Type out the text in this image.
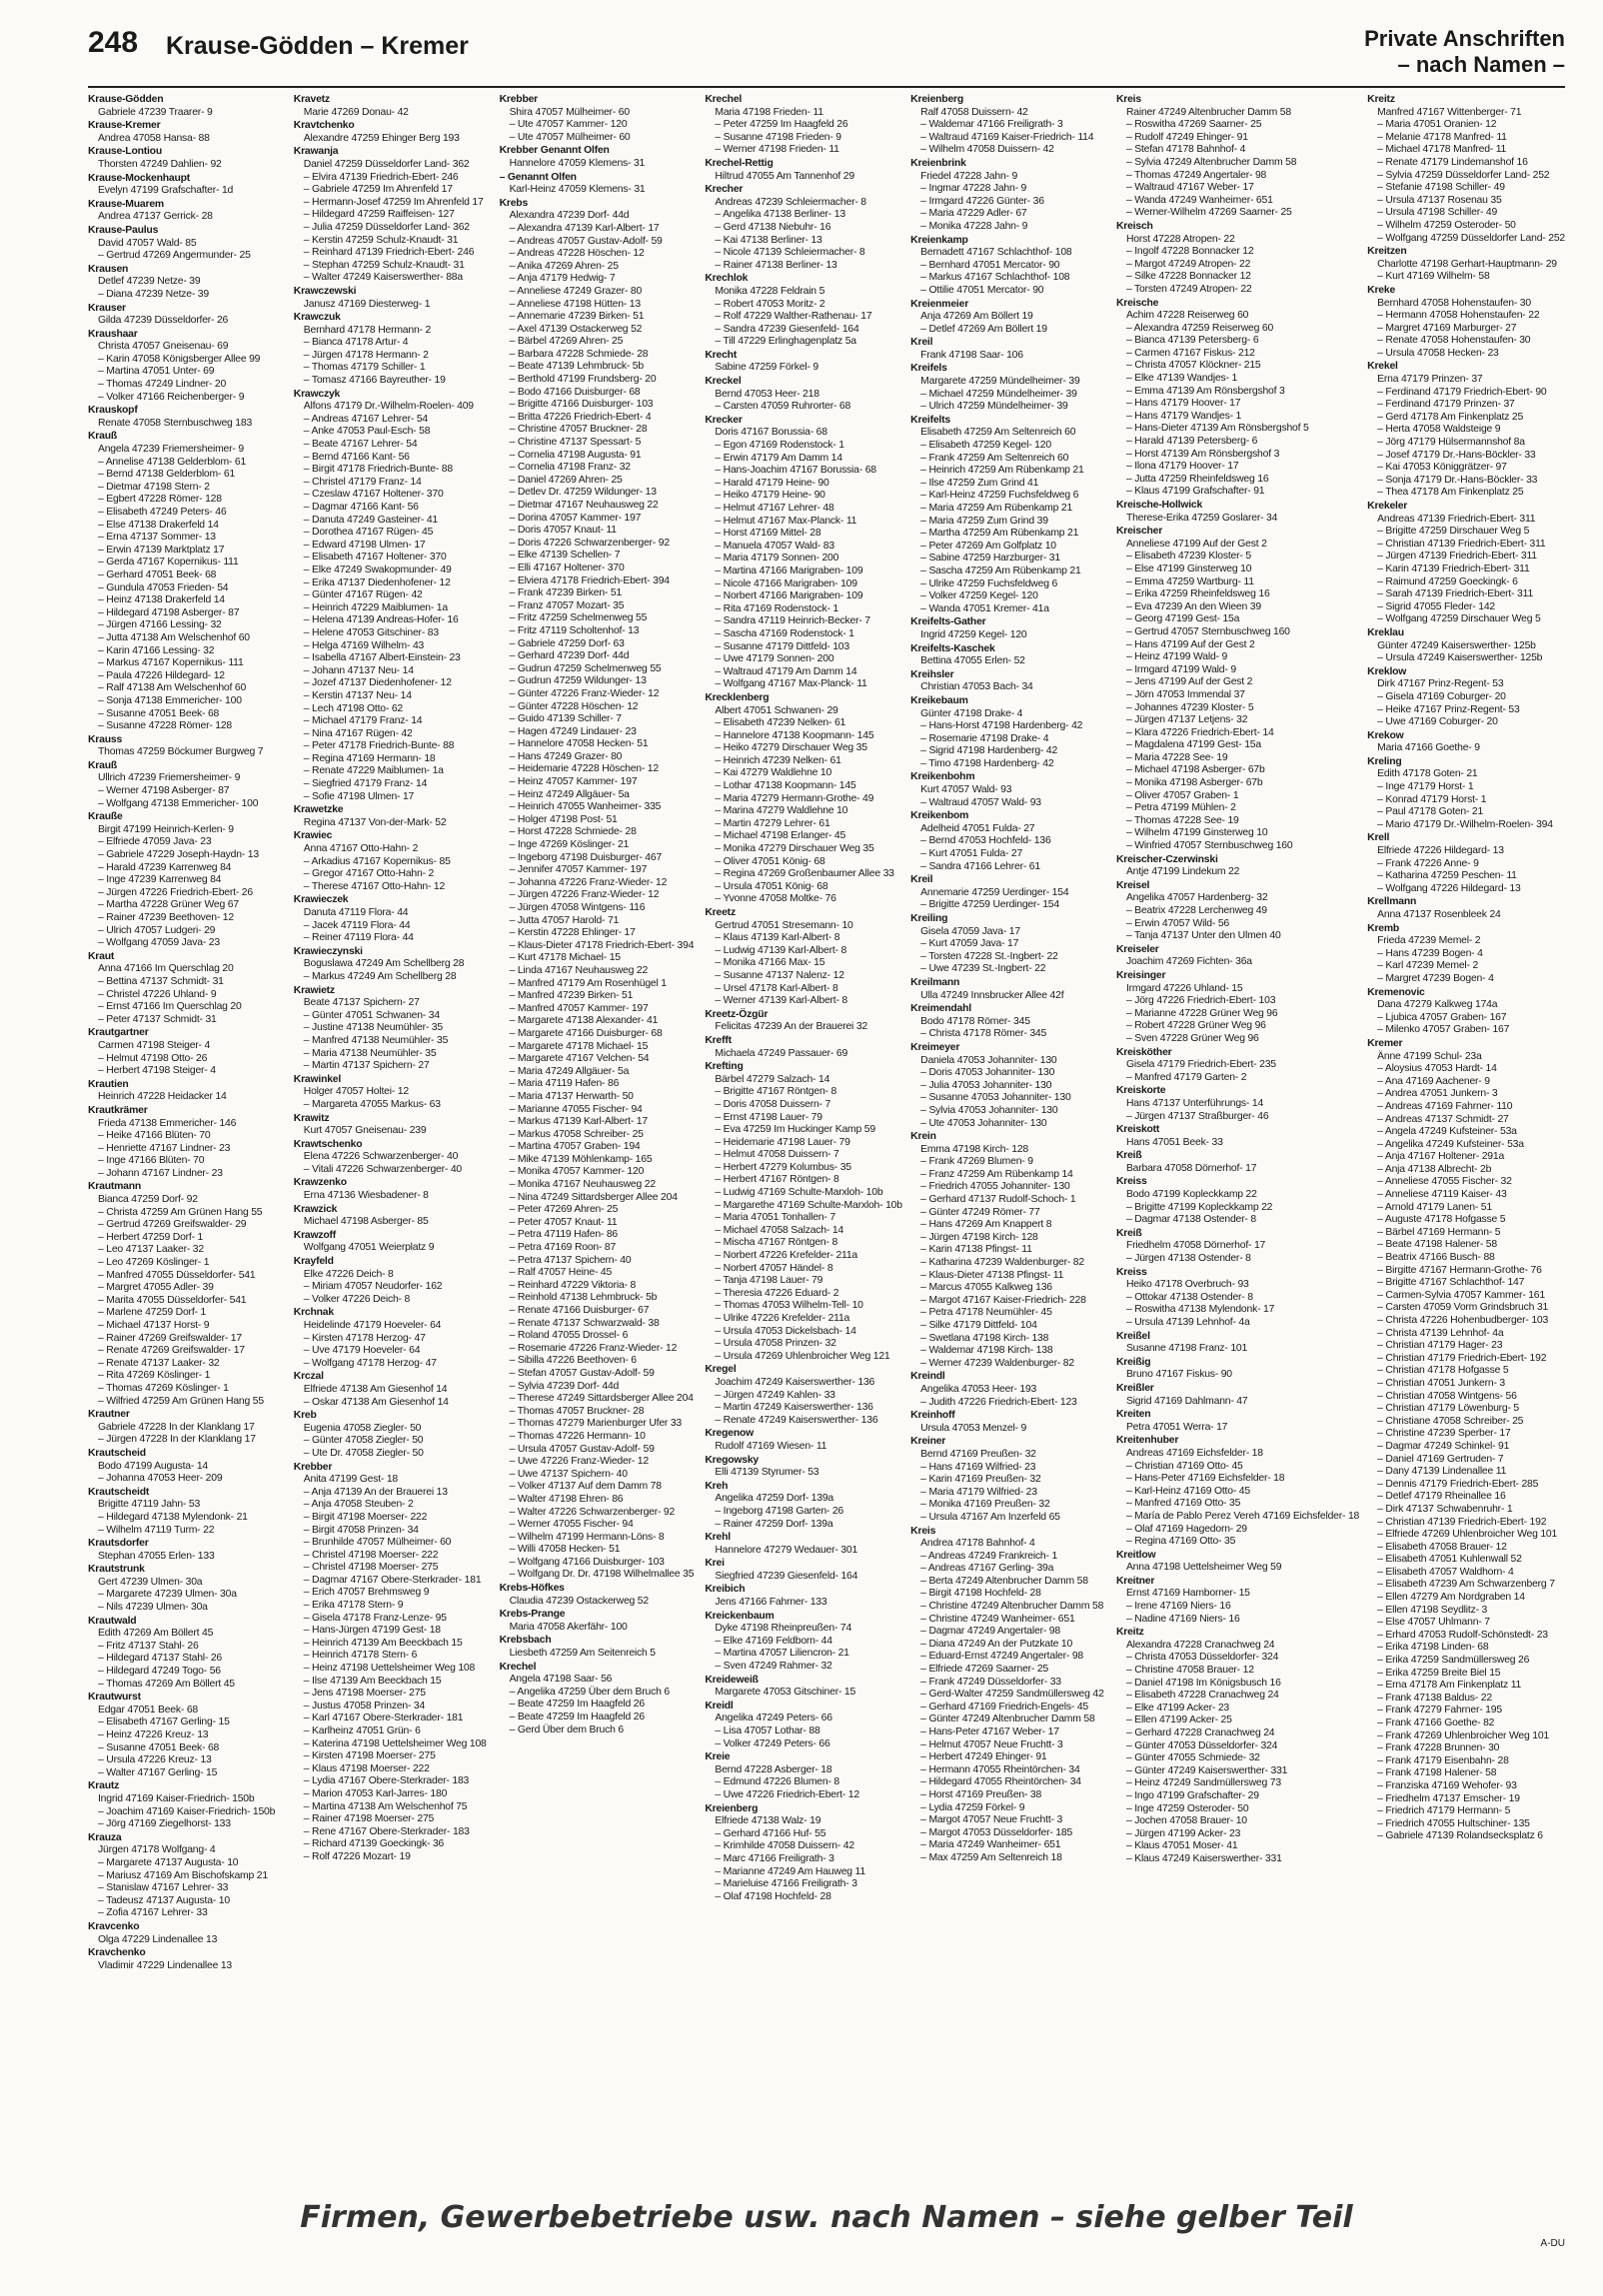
248 Krause-Gödden – Kremer	Private Anschriften
– nach Namen –
Krause-Gödden
Gabriele 47239 Traarer- 9
Krause-Kremer
Andrea 47058 Hansa- 88
Krause-Lontiou
Thorsten 47249 Dahlien- 92
Krause-Mockenhaupt
Evelyn 47199 Grafschafter- 1d
Krause-Muarem
Andrea 47137 Gerrick- 28
Krause-Paulus
David 47057 Wald- 85
– Gertrud 47269 Angermunder- 25
Krausen
Detlef 47239 Netze- 39
– Diana 47239 Netze- 39
Krauser
Gilda 47239 Düsseldorfer- 26
Kraushaar
Christa 47057 Gneisenau- 69
– Karin 47058 Königsberger Allee 99
– Martina 47051 Unter- 69
– Thomas 47249 Lindner- 20
– Volker 47166 Reichenberger- 9
Krauskopf
Renate 47058 Sternbuschweg 183
Krauß
Angela 47239 Friemersheimer- 9
– Annelise 47138 Gelderblom- 61
– Bernd 47138 Gelderblom- 61
– Dietmar 47198 Stern- 2
– Egbert 47228 Römer- 128
– Elisabeth 47249 Peters- 46
– Else 47138 Drakerfeld 14
– Erna 47137 Sommer- 13
– Erwin 47139 Marktplatz 17
– Gerda 47167 Kopernikus- 111
– Gerhard 47051 Beek- 68
– Gundula 47053 Frieden- 54
– Heinz 47138 Drakerfeld 14
– Hildegard 47198 Asberger- 87
– Jürgen 47166 Lessing- 32
– Jutta 47138 Am Welschenhof 60
– Karin 47166 Lessing- 32
– Markus 47167 Kopernikus- 111
– Paula 47226 Hildegard- 12
– Ralf 47138 Am Welschenhof 60
– Sonja 47138 Emmericher- 100
– Susanne 47051 Beek- 68
– Susanne 47228 Römer- 128
Krauss
Thomas 47259 Böckumer Burgweg 7
Krauß
Ullrich 47239 Friemersheimer- 9
– Werner 47198 Asberger- 87
– Wolfgang 47138 Emmericher- 100
Krauße
Birgit 47199 Heinrich-Kerlen- 9
– Elfriede 47059 Java- 23
– Gabriele 47229 Joseph-Haydn- 13
– Harald 47239 Karrenweg 84
– Inge 47239 Karrenweg 84
– Jürgen 47226 Friedrich-Ebert- 26
– Martha 47228 Grüner Weg 67
– Rainer 47239 Beethoven- 12
– Ulrich 47057 Ludgeri- 29
– Wolfgang 47059 Java- 23
Kraut
Anna 47166 Im Querschlag 20
– Bettina 47137 Schmidt- 31
– Christel 47226 Uhland- 9
– Ernst 47166 Im Querschlag 20
– Peter 47137 Schmidt- 31
Krautgartner
Carmen 47198 Steiger- 4
– Helmut 47198 Otto- 26
– Herbert 47198 Steiger- 4
Krautien
Heinrich 47228 Heidacker 14
Krautkrämer
Frieda 47138 Emmericher- 146
– Heike 47166 Blüten- 70
– Henriette 47167 Lindner- 23
– Inge 47166 Blüten- 70
– Johann 47167 Lindner- 23
Krautmann
Bianca 47259 Dorf- 92
– Christa 47259 Am Grünen Hang 55
– Gertrud 47269 Greifswalder- 29
– Herbert 47259 Dorf- 1
– Leo 47137 Laaker- 32
– Leo 47269 Köslinger- 1
– Manfred 47055 Düsseldorfer- 541
– Margret 47055 Adler- 39
– Marita 47055 Düsseldorfer- 541
– Marlene 47259 Dorf- 1
– Michael 47137 Horst- 9
– Rainer 47269 Greifswalder- 17
– Renate 47269 Greifswalder- 17
– Renate 47137 Laaker- 32
– Rita 47269 Köslinger- 1
– Thomas 47269 Köslinger- 1
– Wilfried 47259 Am Grünen Hang 55
Krautner
Gabriele 47228 In der Klanklang 17
– Jürgen 47228 In der Klanklang 17
Krautscheid
Bodo 47199 Augusta- 14
– Johanna 47053 Heer- 209
Krautscheidt
Brigitte 47119 Jahn- 53
– Hildegard 47138 Mylendonk- 21
– Wilhelm 47119 Turm- 22
Krautsdorfer
Stephan 47055 Erlen- 133
Krautstrunk
Gert 47239 Ulmen- 30a
– Margarete 47239 Ulmen- 30a
– Nils 47239 Ulmen- 30a
Krautwald
Edith 47269 Am Böllert 45
– Fritz 47137 Stahl- 26
– Hildegard 47137 Stahl- 26
– Hildegard 47249 Togo- 56
– Thomas 47269 Am Böllert 45
Krautwurst
Edgar 47051 Beek- 68
– Elisabeth 47167 Gerling- 15
– Heinz 47226 Kreuz- 13
– Susanne 47051 Beek- 68
– Ursula 47226 Kreuz- 13
– Walter 47167 Gerling- 15
Krautz
Ingrid 47169 Kaiser-Friedrich- 150b
– Joachim 47169 Kaiser-Friedrich- 150b
– Jörg 47169 Ziegelhorst- 133
Krauza
Jürgen 47178 Wolfgang- 4
– Margarete 47137 Augusta- 10
– Mariusz 47169 Am Bischofskamp 21
– Stanislaw 47167 Lehrer- 33
– Tadeusz 47137 Augusta- 10
– Zofia 47167 Lehrer- 33
Kravcenko
Olga 47229 Lindenallee 13
Kravchenko
Vladimir 47229 Lindenallee 13
Kravetz
Marie 47269 Donau- 42
Kravtchenko
Alexandre 47259 Ehinger Berg 193
Krawanja
Daniel 47259 Düsseldorfer Land- 362
– Elvira 47139 Friedrich-Ebert- 246
– Gabriele 47259 Im Ahrenfeld 17
– Hermann-Josef 47259 Im Ahrenfeld 17
– Hildegard 47259 Raiffeisen- 127
– Julia 47259 Düsseldorfer Land- 362
– Kerstin 47259 Schulz-Knaudt- 31
– Reinhard 47139 Friedrich-Ebert- 246
– Stephan 47259 Schulz-Knaudt- 31
– Walter 47249 Kaiserswerther- 88a
Krawczewski
Janusz 47169 Diesterweg- 1
Krawczuk
Bernhard 47178 Hermann- 2
– Bianca 47178 Artur- 4
– Jürgen 47178 Hermann- 2
– Thomas 47179 Schiller- 1
– Tomasz 47166 Bayreuther- 19
Krawczyk
Alfons 47179 Dr.-Wilhelm-Roelen- 409
– Andreas 47167 Lehrer- 54
– Anke 47053 Paul-Esch- 58
– Beate 47167 Lehrer- 54
– Bernd 47166 Kant- 56
– Birgit 47178 Friedrich-Bunte- 88
– Christel 47179 Franz- 14
– Czeslaw 47167 Holtener- 370
– Dagmar 47166 Kant- 56
– Danuta 47249 Gasteiner- 41
– Dorothea 47167 Rügen- 45
– Edward 47198 Ulmen- 17
– Elisabeth 47167 Holtener- 370
– Elke 47249 Swakopmunder- 49
– Erika 47137 Diedenhofener- 12
– Günter 47167 Rügen- 42
– Heinrich 47229 Maiblumen- 1a
– Helena 47139 Andreas-Hofer- 16
– Helene 47053 Gitschiner- 83
– Helga 47169 Wilhelm- 43
– Isabella 47167 Albert-Einstein- 23
– Johann 47137 Neu- 14
– Jozef 47137 Diedenhofener- 12
– Kerstin 47137 Neu- 14
– Lech 47198 Otto- 62
– Michael 47179 Franz- 14
– Nina 47167 Rügen- 42
– Peter 47178 Friedrich-Bunte- 88
– Regina 47169 Hermann- 18
– Renate 47229 Maiblumen- 1a
– Siegfried 47179 Franz- 14
– Sofie 47198 Ulmen- 17
Krawetzke
Regina 47137 Von-der-Mark- 52
Krawiec
Anna 47167 Otto-Hahn- 2
– Arkadius 47167 Kopernikus- 85
– Gregor 47167 Otto-Hahn- 2
– Therese 47167 Otto-Hahn- 12
Krawieczek
Danuta 47119 Flora- 44
– Jacek 47119 Flora- 44
– Reiner 47119 Flora- 44
Krawieczynski
Boguslawa 47249 Am Schellberg 28
– Markus 47249 Am Schellberg 28
Krawietz
Beate 47137 Spichern- 27
– Günter 47051 Schwanen- 34
– Justine 47138 Neumühler- 35
– Manfred 47138 Neumühler- 35
– Maria 47138 Neumühler- 35
– Martin 47137 Spichern- 27
Krawinkel
Holger 47057 Holtei- 12
– Margareta 47055 Markus- 63
Krawitz
Kurt 47057 Gneisenau- 239
Krawtschenko
Elena 47226 Schwarzenberger- 40
– Vitali 47226 Schwarzenberger- 40
Krawzenko
Erna 47136 Wiesbadener- 8
Krawzick
Michael 47198 Asberger- 85
Krawzoff
Wolfgang 47051 Weierplatz 9
Krayfeld
Elke 47226 Deich- 8
– Miriam 47057 Neudorfer- 162
– Volker 47226 Deich- 8
Krchnak
Heidelinde 47179 Hoeveler- 64
– Kirsten 47178 Herzog- 47
– Uve 47179 Hoeveler- 64
– Wolfgang 47178 Herzog- 47
Krczal
Elfriede 47138 Am Giesenhof 14
– Oskar 47138 Am Giesenhof 14
Kreb
Eugenia 47058 Ziegler- 50
– Günter 47058 Ziegler- 50
– Ute Dr. 47058 Ziegler- 50
Krebber
Anita 47199 Gest- 18
– Anja 47139 An der Brauerei 13
– Anja 47058 Steuben- 2
– Birgit 47198 Moerser- 222
– Birgit 47058 Prinzen- 34
– Brunhilde 47057 Mülheimer- 60
– Christel 47198 Moerser- 222
– Christel 47198 Moerser- 275
– Dagmar 47167 Obere-Sterkrader- 181
– Erich 47057 Brehmsweg 9
– Erika 47178 Stern- 9
– Gisela 47178 Franz-Lenze- 95
– Hans-Jürgen 47199 Gest- 18
– Heinrich 47139 Am Beeckbach 15
– Heinrich 47178 Stern- 6
– Heinz 47198 Uettelsheimer Weg 108
– Ilse 47139 Am Beeckbach 15
– Jens 47198 Moerser- 275
– Justus 47058 Prinzen- 34
– Karl 47167 Obere-Sterkrader- 181
– Karlheinz 47051 Grün- 6
– Katerina 47198 Uettelsheimer Weg 108
– Kirsten 47198 Moerser- 275
– Klaus 47198 Moerser- 222
– Lydia 47167 Obere-Sterkrader- 183
– Marion 47053 Karl-Jarres- 180
– Martina 47138 Am Welschenhof 75
– Rainer 47198 Moerser- 275
– Rene 47167 Obere-Sterkrader- 183
– Richard 47139 Goeckingk- 36
– Rolf 47226 Mozart- 19
Krebber
Shira 47057 Mülheimer- 60
– Ute 47057 Kammer- 120
– Ute 47057 Mülheimer- 60
Krebber Genannt Olfen
Hannelore 47059 Klemens- 31
– Genannt Olfen
Karl-Heinz 47059 Klemens- 31
Krebs
Alexandra 47239 Dorf- 44d
– Alexandra 47139 Karl-Albert- 17
– Andreas 47057 Gustav-Adolf- 59
– Andreas 47228 Höschen- 12
– Anika 47269 Ahren- 25
– Anja 47179 Hedwig- 7
– Anneliese 47249 Grazer- 80
– Anneliese 47198 Hütten- 13
– Annemarie 47239 Birken- 51
– Axel 47139 Ostackerweg 52
– Bärbel 47269 Ahren- 25
– Barbara 47228 Schmiede- 28
– Beate 47139 Lehmbruck- 5b
– Berthold 47199 Frundsberg- 20
– Bodo 47166 Duisburger- 68
– Brigitte 47166 Duisburger- 103
– Britta 47226 Friedrich-Ebert- 4
– Christine 47057 Bruckner- 28
– Christine 47137 Spessart- 5
– Cornelia 47198 Augusta- 91
– Cornelia 47198 Franz- 32
– Daniel 47269 Ahren- 25
– Detlev Dr. 47259 Wildunger- 13
– Dietmar 47167 Neuhausweg 22
– Dorina 47057 Kammer- 197
– Doris 47057 Knaut- 11
– Doris 47226 Schwarzenberger- 92
– Elke 47139 Schellen- 7
– Elli 47167 Holtener- 370
– Elviera 47178 Friedrich-Ebert- 394
– Frank 47239 Birken- 51
– Franz 47057 Mozart- 35
– Fritz 47259 Schelmenweg 55
– Fritz 47119 Scholtenhof- 13
– Gabriele 47259 Dorf- 63
– Gerhard 47239 Dorf- 44d
– Gudrun 47259 Schelmenweg 55
– Gudrun 47259 Wildunger- 13
– Günter 47226 Franz-Wieder- 12
– Günter 47228 Höschen- 12
– Guido 47139 Schiller- 7
– Hagen 47249 Lindauer- 23
– Hannelore 47058 Hecken- 51
– Hans 47249 Grazer- 80
– Heidemarie 47228 Höschen- 12
– Heinz 47057 Kammer- 197
– Heinz 47249 Allgäuer- 5a
– Heinrich 47055 Wanheimer- 335
– Holger 47198 Post- 51
– Horst 47228 Schmiede- 28
– Inge 47269 Köslinger- 21
– Ingeborg 47198 Duisburger- 467
– Jennifer 47057 Kammer- 197
– Johanna 47226 Franz-Wieder- 12
– Jürgen 47226 Franz-Wieder- 12
– Jürgen 47058 Wintgens- 116
– Jutta 47057 Harold- 71
– Kerstin 47228 Ehlinger- 17
– Klaus-Dieter 47178 Friedrich-Ebert- 394
– Kurt 47178 Michael- 15
– Linda 47167 Neuhausweg 22
– Manfred 47179 Am Rosenhügel 1
– Manfred 47239 Birken- 51
– Manfred 47057 Kammer- 197
– Margarete 47138 Alexander- 41
– Margarete 47166 Duisburger- 68
– Margarete 47178 Michael- 15
– Margarete 47167 Velchen- 54
– Maria 47249 Allgäuer- 5a
– Maria 47119 Hafen- 86
– Maria 47137 Herwarth- 50
– Marianne 47055 Fischer- 94
– Markus 47139 Karl-Albert- 17
– Markus 47058 Schreiber- 25
– Martina 47057 Graben- 194
– Mike 47139 Möhlenkamp- 165
– Monika 47057 Kammer- 120
– Monika 47167 Neuhausweg 22
– Nina 47249 Sittardsberger Allee 204
– Peter 47269 Ahren- 25
– Peter 47057 Knaut- 11
– Petra 47119 Hafen- 86
– Petra 47169 Roon- 87
– Petra 47137 Spichern- 40
– Ralf 47057 Heine- 45
– Reinhard 47229 Viktoria- 8
– Reinhold 47138 Lehmbruck- 5b
– Renate 47166 Duisburger- 67
– Renate 47137 Schwarzwald- 38
– Roland 47055 Drossel- 6
– Rosemarie 47226 Franz-Wieder- 12
– Sibilla 47226 Beethoven- 6
– Stefan 47057 Gustav-Adolf- 59
– Sylvia 47239 Dorf- 44d
– Therese 47249 Sittardsberger Allee 204
– Thomas 47057 Bruckner- 28
– Thomas 47279 Marienburger Ufer 33
– Thomas 47226 Hermann- 10
– Ursula 47057 Gustav-Adolf- 59
– Uwe 47226 Franz-Wieder- 12
– Uwe 47137 Spichern- 40
– Volker 47137 Auf dem Damm 78
– Walter 47198 Ehren- 86
– Walter 47226 Schwarzenberger- 92
– Werner 47055 Fischer- 94
– Wilhelm 47199 Hermann-Löns- 8
– Willi 47058 Hecken- 51
– Wolfgang 47166 Duisburger- 103
– Wolfgang Dr. Dr. 47198 Wilhelmallee 35
Krebs-Höfkes
Claudia 47239 Ostackerweg 52
Krebs-Prange
Maria 47058 Akerfähr- 100
Krebsbach
Liesbeth 47259 Am Seitenreich 5
Krechel
Angela 47198 Saar- 56
– Angelika 47259 Über dem Bruch 6
– Beate 47259 Im Haagfeld 26
– Beate 47259 Im Haagfeld 26
– Gerd Über dem Bruch 6
Krechel
Maria 47198 Frieden- 11
– Peter 47259 Im Haagfeld 26
– Susanne 47198 Frieden- 9
– Werner 47198 Frieden- 11
Krechel-Rettig
Hiltrud 47055 Am Tannenhof 29
Krecher
Andreas 47239 Schleiermacher- 8
– Angelika 47138 Berliner- 13
– Gerd 47138 Niebuhr- 16
– Kai 47138 Berliner- 13
– Nicole 47139 Schleiermacher- 8
– Rainer 47138 Berliner- 13
Krechlok
Monika 47228 Feldrain 5
– Robert 47053 Moritz- 2
– Rolf 47229 Walther-Rathenau- 17
– Sandra 47239 Giesenfeld- 164
– Till 47229 Erlinghagenplatz 5a
Krecht
Sabine 47259 Förkel- 9
Kreckel
Bernd 47053 Heer- 218
– Carsten 47059 Ruhrorter- 68
Krecker
Doris 47167 Borussia- 68
– Egon 47169 Rodenstock- 1
– Erwin 47179 Am Damm 14
– Hans-Joachim 47167 Borussia- 68
– Harald 47179 Heine- 90
– Heiko 47179 Heine- 90
– Helmut 47167 Lehrer- 48
– Helmut 47167 Max-Planck- 11
– Horst 47169 Mittel- 28
– Manuela 47057 Wald- 83
– Maria 47179 Sonnen- 200
– Martina 47166 Marigraben- 109
– Nicole 47166 Marigraben- 109
– Norbert 47166 Marigraben- 109
– Rita 47169 Rodenstock- 1
– Sandra 47119 Heinrich-Becker- 7
– Sascha 47169 Rodenstock- 1
– Susanne 47179 Dittfeld- 103
– Uwe 47179 Sonnen- 200
– Waltraud 47179 Am Damm 14
– Wolfgang 47167 Max-Planck- 11
Krecklenberg
Albert 47051 Schwanen- 29
– Elisabeth 47239 Nelken- 61
– Hannelore 47138 Koopmann- 145
– Heiko 47279 Dirschauer Weg 35
– Heinrich 47239 Nelken- 61
– Kai 47279 Waldlehne 10
– Lothar 47138 Koopmann- 145
– Maria 47279 Hermann-Grothe- 49
– Marina 47279 Waldlehne 10
– Martin 47279 Lehrer- 61
– Michael 47198 Erlanger- 45
– Monika 47279 Dirschauer Weg 35
– Oliver 47051 König- 68
– Regina 47269 Großenbaumer Allee 33
– Ursula 47051 König- 68
– Yvonne 47058 Moltke- 76
Kreetz
Gertrud 47051 Stresemann- 10
– Klaus 47139 Karl-Albert- 8
– Ludwig 47139 Karl-Albert- 8
– Monika 47166 Max- 15
– Susanne 47137 Nalenz- 12
– Ursel 47178 Karl-Albert- 8
– Werner 47139 Karl-Albert- 8
Kreetz-Özgür
Felicitas 47239 An der Brauerei 32
Krefft
Michaela 47249 Passauer- 69
Krefting
Bärbel 47279 Salzach- 14
– Brigitte 47167 Röntgen- 8
– Doris 47058 Duissern- 7
– Ernst 47198 Lauer- 79
– Eva 47259 Im Huckinger Kamp 59
– Heidemarie 47198 Lauer- 79
– Helmut 47058 Duissern- 7
– Herbert 47279 Kolumbus- 35
– Herbert 47167 Röntgen- 8
– Ludwig 47169 Schulte-Marxloh- 10b
– Margarethe 47169 Schulte-Marxloh- 10b
– Maria 47051 Tonhallen- 7
– Michael 47058 Salzach- 14
– Mischa 47167 Röntgen- 8
– Norbert 47226 Krefelder- 211a
– Norbert 47057 Händel- 8
– Tanja 47198 Lauer- 79
– Theresia 47226 Eduard- 2
– Thomas 47053 Wilhelm-Tell- 10
– Ulrike 47226 Krefelder- 211a
– Ursula 47053 Dickelsbach- 14
– Ursula 47058 Prinzen- 32
– Ursula 47269 Uhlenbroicher Weg 121
Kregel
Joachim 47249 Kaiserswerther- 136
– Jürgen 47249 Kahlen- 33
– Martin 47249 Kaiserswerther- 136
– Renate 47249 Kaiserswerther- 136
Kregenow
Rudolf 47169 Wiesen- 11
Kregowsky
Elli 47139 Styrumer- 53
Kreh
Angelika 47259 Dorf- 139a
– Ingeborg 47198 Garten- 26
– Rainer 47259 Dorf- 139a
Krehl
Hannelore 47279 Wedauer- 301
Krei
Siegfried 47239 Giesenfeld- 164
Kreibich
Jens 47166 Fahrner- 133
Kreickenbaum
Dyke 47198 Rheinpreußen- 74
– Elke 47169 Feldborn- 44
– Martina 47057 Liliencron- 21
– Sven 47249 Rahmer- 32
Kreideweiß
Margarete 47053 Gitschiner- 15
Kreidl
Angelika 47249 Peters- 66
– Lisa 47057 Lothar- 88
– Volker 47249 Peters- 66
Kreie
Bernd 47228 Asberger- 18
– Edmund 47226 Blumen- 8
– Uwe 47226 Friedrich-Ebert- 12
Kreienberg
Elfriede 47138 Walz- 19
– Gerhard 47166 Huf- 55
– Krimhilde 47058 Duissern- 42
– Marc 47166 Freiligrath- 3
– Marianne 47249 Am Hauweg 11
– Marieluise 47166 Freiligrath- 3
– Olaf 47198 Hochfeld- 28
Kreienberg
Ralf 47058 Duissern- 42
– Waldemar 47166 Freiligrath- 3
– Waltraud 47169 Kaiser-Friedrich- 114
– Wilhelm 47058 Duissern- 42
Kreienbrink
Friedel 47228 Jahn- 9
– Ingmar 47228 Jahn- 9
– Irmgard 47226 Günter- 36
– Maria 47229 Adler- 67
– Monika 47228 Jahn- 9
Kreienkamp
Bernadett 47167 Schlachthof- 108
– Bernhard 47051 Mercator- 90
– Markus 47167 Schlachthof- 108
– Ottilie 47051 Mercator- 90
Kreienmeier
Anja 47269 Am Böllert 19
– Detlef 47269 Am Böllert 19
Kreil
Frank 47198 Saar- 106
Kreifels
Margarete 47259 Mündelheimer- 39
– Michael 47259 Mündelheimer- 39
– Ulrich 47259 Mündelheimer- 39
Kreifelts
Elisabeth 47259 Am Seltenreich 60
– Elisabeth 47259 Kegel- 120
– Frank 47259 Am Seltenreich 60
– Heinrich 47259 Am Rübenkamp 21
– Ilse 47259 Zum Grind 41
– Karl-Heinz 47259 Fuchsfeldweg 6
– Maria 47259 Am Rübenkamp 21
– Maria 47259 Zum Grind 39
– Martha 47259 Am Rübenkamp 21
– Peter 47269 Am Golfplatz 10
– Sabine 47259 Harzburger- 31
– Sascha 47259 Am Rübenkamp 21
– Ulrike 47259 Fuchsfeldweg 6
– Volker 47259 Kegel- 120
– Wanda 47051 Kremer- 41a
Kreifelts-Gather
Ingrid 47259 Kegel- 120
Kreifelts-Kaschek
Bettina 47055 Erlen- 52
Kreihsler
Christian 47053 Bach- 34
Kreikebaum
Günter 47198 Drake- 4
– Hans-Horst 47198 Hardenberg- 42
– Rosemarie 47198 Drake- 4
– Sigrid 47198 Hardenberg- 42
– Timo 47198 Hardenberg- 42
Kreikenbohm
Kurt 47057 Wald- 93
– Waltraud 47057 Wald- 93
Kreikenbom
Adelheid 47051 Fulda- 27
– Bernd 47053 Hochfeld- 136
– Kurt 47051 Fulda- 27
– Sandra 47166 Lehrer- 61
Kreil
Annemarie 47259 Uerdinger- 154
– Brigitte 47259 Uerdinger- 154
Kreiling
Gisela 47059 Java- 17
– Kurt 47059 Java- 17
– Torsten 47228 St.-Ingbert- 22
– Uwe 47239 St.-Ingbert- 22
Kreilmann
Ulla 47249 Innsbrucker Allee 42f
Kreimendahl
Bodo 47178 Römer- 345
– Christa 47178 Römer- 345
Kreimeyer
Daniela 47053 Johanniter- 130
– Doris 47053 Johanniter- 130
– Julia 47053 Johanniter- 130
– Susanne 47053 Johanniter- 130
– Sylvia 47053 Johanniter- 130
– Ute 47053 Johanniter- 130
Krein
Emma 47198 Kirch- 128
– Frank 47269 Blumen- 9
– Franz 47259 Am Rübenkamp 14
– Friedrich 47055 Johanniter- 130
– Gerhard 47137 Rudolf-Schoch- 1
– Günter 47249 Römer- 77
– Hans 47269 Am Knappert 8
– Jürgen 47198 Kirch- 128
– Karin 47138 Pfingst- 11
– Katharina 47239 Waldenburger- 82
– Klaus-Dieter 47138 Pfingst- 11
– Marcus 47055 Kalkweg 136
– Margot 47167 Kaiser-Friedrich- 228
– Petra 47178 Neumühler- 45
– Silke 47179 Dittfeld- 104
– Swetlana 47198 Kirch- 138
– Waldemar 47198 Kirch- 138
– Werner 47239 Waldenburger- 82
Kreindl
Angelika 47053 Heer- 193
– Judith 47226 Friedrich-Ebert- 123
Kreinhoff
Ursula 47053 Menzel- 9
Kreiner
Bernd 47169 Preußen- 32
– Hans 47169 Wilfried- 23
– Karin 47169 Preußen- 32
– Maria 47179 Wilfried- 23
– Monika 47169 Preußen- 32
– Ursula 47167 Am Inzerfeld 65
Kreis
Andrea 47178 Bahnhof- 4
– Andreas 47249 Frankreich- 1
– Andreas 47167 Gerling- 39a
– Berta 47249 Altenbrucher Damm 58
– Birgit 47198 Hochfeld- 28
– Christine 47249 Altenbrucher Damm 58
– Christine 47249 Wanheimer- 651
– Dagmar 47249 Angertaler- 98
– Diana 47249 An der Putzkate 10
– Eduard-Ernst 47249 Angertaler- 98
– Elfriede 47269 Saarner- 25
– Frank 47249 Düsseldorfer- 33
– Gerd-Walter 47259 Sandmüllersweg 42
– Gerhard 47169 Friedrich-Engels- 45
– Günter 47249 Altenbrucher Damm 58
– Hans-Peter 47167 Weber- 17
– Helmut 47057 Neue Fruchtt- 3
– Herbert 47249 Ehinger- 91
– Hermann 47055 Rheintörchen- 34
– Hildegard 47055 Rheintörchen- 34
– Horst 47169 Preußen- 38
– Lydia 47259 Förkel- 9
– Margot 47057 Neue Fruchtt- 3
– Margot 47053 Düsseldorfer- 185
– Maria 47249 Wanheimer- 651
– Max 47259 Am Seltenreich 18
Kreis
Rainer 47249 Altenbrucher Damm 58
– Roswitha 47269 Saarner- 25
– Rudolf 47249 Ehinger- 91
– Stefan 47178 Bahnhof- 4
– Sylvia 47249 Altenbrucher Damm 58
– Thomas 47249 Angertaler- 98
– Waltraud 47167 Weber- 17
– Wanda 47249 Wanheimer- 651
– Werner-Wilhelm 47269 Saarner- 25
Kreisch
Horst 47228 Atropen- 22
– Ingolf 47228 Bonnacker 12
– Margot 47249 Atropen- 22
– Silke 47228 Bonnacker 12
– Torsten 47249 Atropen- 22
Kreische
Achim 47228 Reiserweg 60
– Alexandra 47259 Reiserweg 60
– Bianca 47139 Petersberg- 6
– Carmen 47167 Fiskus- 212
– Christa 47057 Klöckner- 215
– Elke 47139 Wandjes- 1
– Emma 47139 Am Rönsbergshof 3
– Hans 47179 Hoover- 17
– Hans 47179 Wandjes- 1
– Hans-Dieter 47139 Am Rönsbergshof 5
– Harald 47139 Petersberg- 6
– Horst 47139 Am Rönsbergshof 3
– Ilona 47179 Hoover- 17
– Jutta 47259 Rheinfeldsweg 16
– Klaus 47199 Grafschafter- 91
Kreische-Hollwick
Therese-Erika 47259 Goslarer- 34
Kreischer
Anneliese 47199 Auf der Gest 2
– Elisabeth 47239 Kloster- 5
– Else 47199 Ginsterweg 10
– Emma 47259 Wartburg- 11
– Erika 47259 Rheinfeldsweg 16
– Eva 47239 An den Wieen 39
– Georg 47199 Gest- 15a
– Gertrud 47057 Sternbuschweg 160
– Hans 47199 Auf der Gest 2
– Heinz 47199 Wald- 9
– Irmgard 47199 Wald- 9
– Jens 47199 Auf der Gest 2
– Jörn 47053 Immendal 37
– Johannes 47239 Kloster- 5
– Jürgen 47137 Letjens- 32
– Klara 47226 Friedrich-Ebert- 14
– Magdalena 47199 Gest- 15a
– Maria 47228 See- 19
– Michael 47198 Asberger- 67b
– Monika 47198 Asberger- 67b
– Oliver 47057 Graben- 1
– Petra 47199 Mühlen- 2
– Thomas 47228 See- 19
– Wilhelm 47199 Ginsterweg 10
– Winfried 47057 Sternbuschweg 160
Kreischer-Czerwinski
Antje 47199 Lindekum 22
Kreisel
Angelika 47057 Hardenberg- 32
– Beatrix 47228 Lerchenweg 49
– Erwin 47057 Wild- 56
– Tanja 47137 Unter den Ulmen 40
Kreiseler
Joachim 47269 Fichten- 36a
Kreisinger
Irmgard 47226 Uhland- 15
– Jörg 47226 Friedrich-Ebert- 103
– Marianne 47228 Grüner Weg 96
– Robert 47228 Grüner Weg 96
– Sven 47228 Grüner Weg 96
Kreisköther
Gisela 47179 Friedrich-Ebert- 235
– Manfred 47179 Garten- 2
Kreiskorte
Hans 47137 Unterführungs- 14
– Jürgen 47137 Straßburger- 46
Kreiskott
Hans 47051 Beek- 33
Kreiß
Barbara 47058 Dörnerhof- 17
Kreiss
Bodo 47199 Kopleckkamp 22
– Brigitte 47199 Kopleckkamp 22
– Dagmar 47138 Ostender- 8
Kreiß
Friedhelm 47058 Dörnerhof- 17
– Jürgen 47138 Ostender- 8
Kreiss
Heiko 47178 Overbruch- 93
– Ottokar 47138 Ostender- 8
– Roswitha 47138 Mylendonk- 17
– Ursula 47139 Lehnhof- 4a
Kreißel
Susanne 47198 Franz- 101
Kreißig
Bruno 47167 Fiskus- 90
Kreißler
Sigrid 47169 Dahlmann- 47
Kreiten
Petra 47051 Werra- 17
Kreitenhuber
Andreas 47169 Eichsfelder- 18
– Christian 47169 Otto- 45
– Hans-Peter 47169 Eichsfelder- 18
– Karl-Heinz 47169 Otto- 45
– Manfred 47169 Otto- 35
– María de Pablo Perez Vereh 47169 Eichsfelder- 18
– Olaf 47169 Hagedorn- 29
– Regina 47169 Otto- 35
Kreitlow
Anna 47198 Uettelsheimer Weg 59
Kreitner
Ernst 47169 Hamborner- 15
– Irene 47169 Niers- 16
– Nadine 47169 Niers- 16
Kreitz
Alexandra 47228 Cranachweg 24
– Christa 47053 Düsseldorfer- 324
– Christine 47058 Brauer- 12
– Daniel 47198 Im Königsbusch 16
– Elisabeth 47228 Cranachweg 24
– Elke 47199 Acker- 23
– Ellen 47199 Acker- 25
– Gerhard 47228 Cranachweg 24
– Günter 47053 Düsseldorfer- 324
– Günter 47055 Schmiede- 32
– Günter 47249 Kaiserswerther- 331
– Heinz 47249 Sandmüllersweg 73
– Ingo 47199 Grafschafter- 29
– Inge 47259 Osteroder- 50
– Jochen 47058 Brauer- 10
– Jürgen 47199 Acker- 23
– Klaus 47051 Moser- 41
– Klaus 47249 Kaiserswerther- 331
Kreitz
Manfred 47167 Wittenberger- 71
– Maria 47051 Oranien- 12
– Melanie 47178 Manfred- 11
– Michael 47178 Manfred- 11
– Renate 47179 Lindemanshof 16
– Sylvia 47259 Düsseldorfer Land- 252
– Stefanie 47198 Schiller- 49
– Ursula 47137 Rosenau 35
– Ursula 47198 Schiller- 49
– Wilhelm 47259 Osteroder- 50
– Wolfgang 47259 Düsseldorfer Land- 252
Kreitzen
Charlotte 47198 Gerhart-Hauptmann- 29
– Kurt 47169 Wilhelm- 58
Kreke
Bernhard 47058 Hohenstaufen- 30
– Hermann 47058 Hohenstaufen- 22
– Margret 47169 Marburger- 27
– Renate 47058 Hohenstaufen- 30
– Ursula 47058 Hecken- 23
Krekel
Erna 47179 Prinzen- 37
– Ferdinand 47179 Friedrich-Ebert- 90
– Ferdinand 47179 Prinzen- 37
– Gerd 47178 Am Finkenplatz 25
– Herta 47058 Waldsteige 9
– Jörg 47179 Hülsermannshof 8a
– Josef 47179 Dr.-Hans-Böckler- 33
– Kai 47053 Königgrätzer- 97
– Sonja 47179 Dr.-Hans-Böckler- 33
– Thea 47178 Am Finkenplatz 25
Krekeler
Andreas 47139 Friedrich-Ebert- 311
– Brigitte 47259 Dirschauer Weg 5
– Christian 47139 Friedrich-Ebert- 311
– Jürgen 47139 Friedrich-Ebert- 311
– Karin 47139 Friedrich-Ebert- 311
– Raimund 47259 Goeckingk- 6
– Sarah 47139 Friedrich-Ebert- 311
– Sigrid 47055 Fleder- 142
– Wolfgang 47259 Dirschauer Weg 5
Kreklau
Günter 47249 Kaiserswerther- 125b
– Ursula 47249 Kaiserswerther- 125b
Kreklow
Dirk 47167 Prinz-Regent- 53
– Gisela 47169 Coburger- 20
– Heike 47167 Prinz-Regent- 53
– Uwe 47169 Coburger- 20
Krekow
Maria 47166 Goethe- 9
Kreling
Edith 47178 Goten- 21
– Inge 47179 Horst- 1
– Konrad 47179 Horst- 1
– Paul 47178 Goten- 21
– Mario 47179 Dr.-Wilhelm-Roelen- 394
Krell
Elfriede 47226 Hildegard- 13
– Frank 47226 Anne- 9
– Katharina 47259 Peschen- 11
– Wolfgang 47226 Hildegard- 13
Krellmann
Anna 47137 Rosenbleek 24
Kremb
Frieda 47239 Memel- 2
– Hans 47239 Bogen- 4
– Karl 47239 Memel- 2
– Margret 47239 Bogen- 4
Kremenovic
Dana 47279 Kalkweg 174a
– Ljubica 47057 Graben- 167
– Milenko 47057 Graben- 167
Kremer
Änne 47199 Schul- 23a
– Aloysius 47053 Hardt- 14
– Ana 47169 Aachener- 9
– Andrea 47051 Junkern- 3
– Andreas 47169 Fahrner- 110
– Andreas 47137 Schmidt- 27
– Angela 47249 Kufsteiner- 53a
– Angelika 47249 Kufsteiner- 53a
– Anja 47167 Holtener- 291a
– Anja 47138 Albrecht- 2b
– Anneliese 47055 Fischer- 32
– Anneliese 47119 Kaiser- 43
– Arnold 47179 Lanen- 51
– Auguste 47178 Hofgasse 5
– Bärbel 47169 Hermann- 5
– Beate 47198 Halener- 58
– Beatrix 47166 Busch- 88
– Birgitte 47167 Hermann-Grothe- 76
– Brigitte 47167 Schlachthof- 147
– Carmen-Sylvia 47057 Kammer- 161
– Carsten 47059 Vorm Grindsbruch 31
– Christa 47226 Hohenbudberger- 103
– Christa 47139 Lehnhof- 4a
– Christian 47179 Hager- 23
– Christian 47179 Friedrich-Ebert- 192
– Christian 47178 Hofgasse 5
– Christian 47051 Junkern- 3
– Christian 47058 Wintgens- 56
– Christian 47179 Löwenburg- 5
– Christiane 47058 Schreiber- 25
– Christine 47239 Sperber- 17
– Dagmar 47249 Schinkel- 91
– Daniel 47169 Gertruden- 7
– Dany 47139 Lindenallee 11
– Dennis 47179 Friedrich-Ebert- 285
– Detlef 47179 Rheinallee 16
– Dirk 47137 Schwabenruhr- 1
– Christian 47139 Friedrich-Ebert- 192
– Elfriede 47269 Uhlenbroicher Weg 101
– Elisabeth 47058 Brauer- 12
– Elisabeth 47051 Kuhlenwall 52
– Elisabeth 47057 Waldhorn- 4
– Elisabeth 47239 Am Schwarzenberg 7
– Ellen 47279 Am Nordgraben 14
– Ellen 47198 Seydlitz- 3
– Else 47057 Uhlmann- 7
– Erhard 47053 Rudolf-Schönstedt- 23
– Erika 47198 Linden- 68
– Erika 47259 Sandmüllersweg 26
– Erika 47259 Breite Biel 15
– Erna 47178 Am Finkenplatz 11
– Frank 47138 Baldus- 22
– Frank 47279 Fahrner- 195
– Frank 47166 Goethe- 82
– Frank 47269 Uhlenbroicher Weg 101
– Frank 47228 Brunnen- 30
– Frank 47179 Eisenbahn- 28
– Frank 47198 Halener- 58
– Franziska 47169 Wehofer- 93
– Friedhelm 47137 Emscher- 19
– Friedrich 47179 Hermann- 5
– Friedrich 47055 Hultschiner- 135
– Gabriele 47139 Rolandsecksplatz 6
Firmen, Gewerbebetriebe usw. nach Namen – siehe gelber Teil
A-DU
